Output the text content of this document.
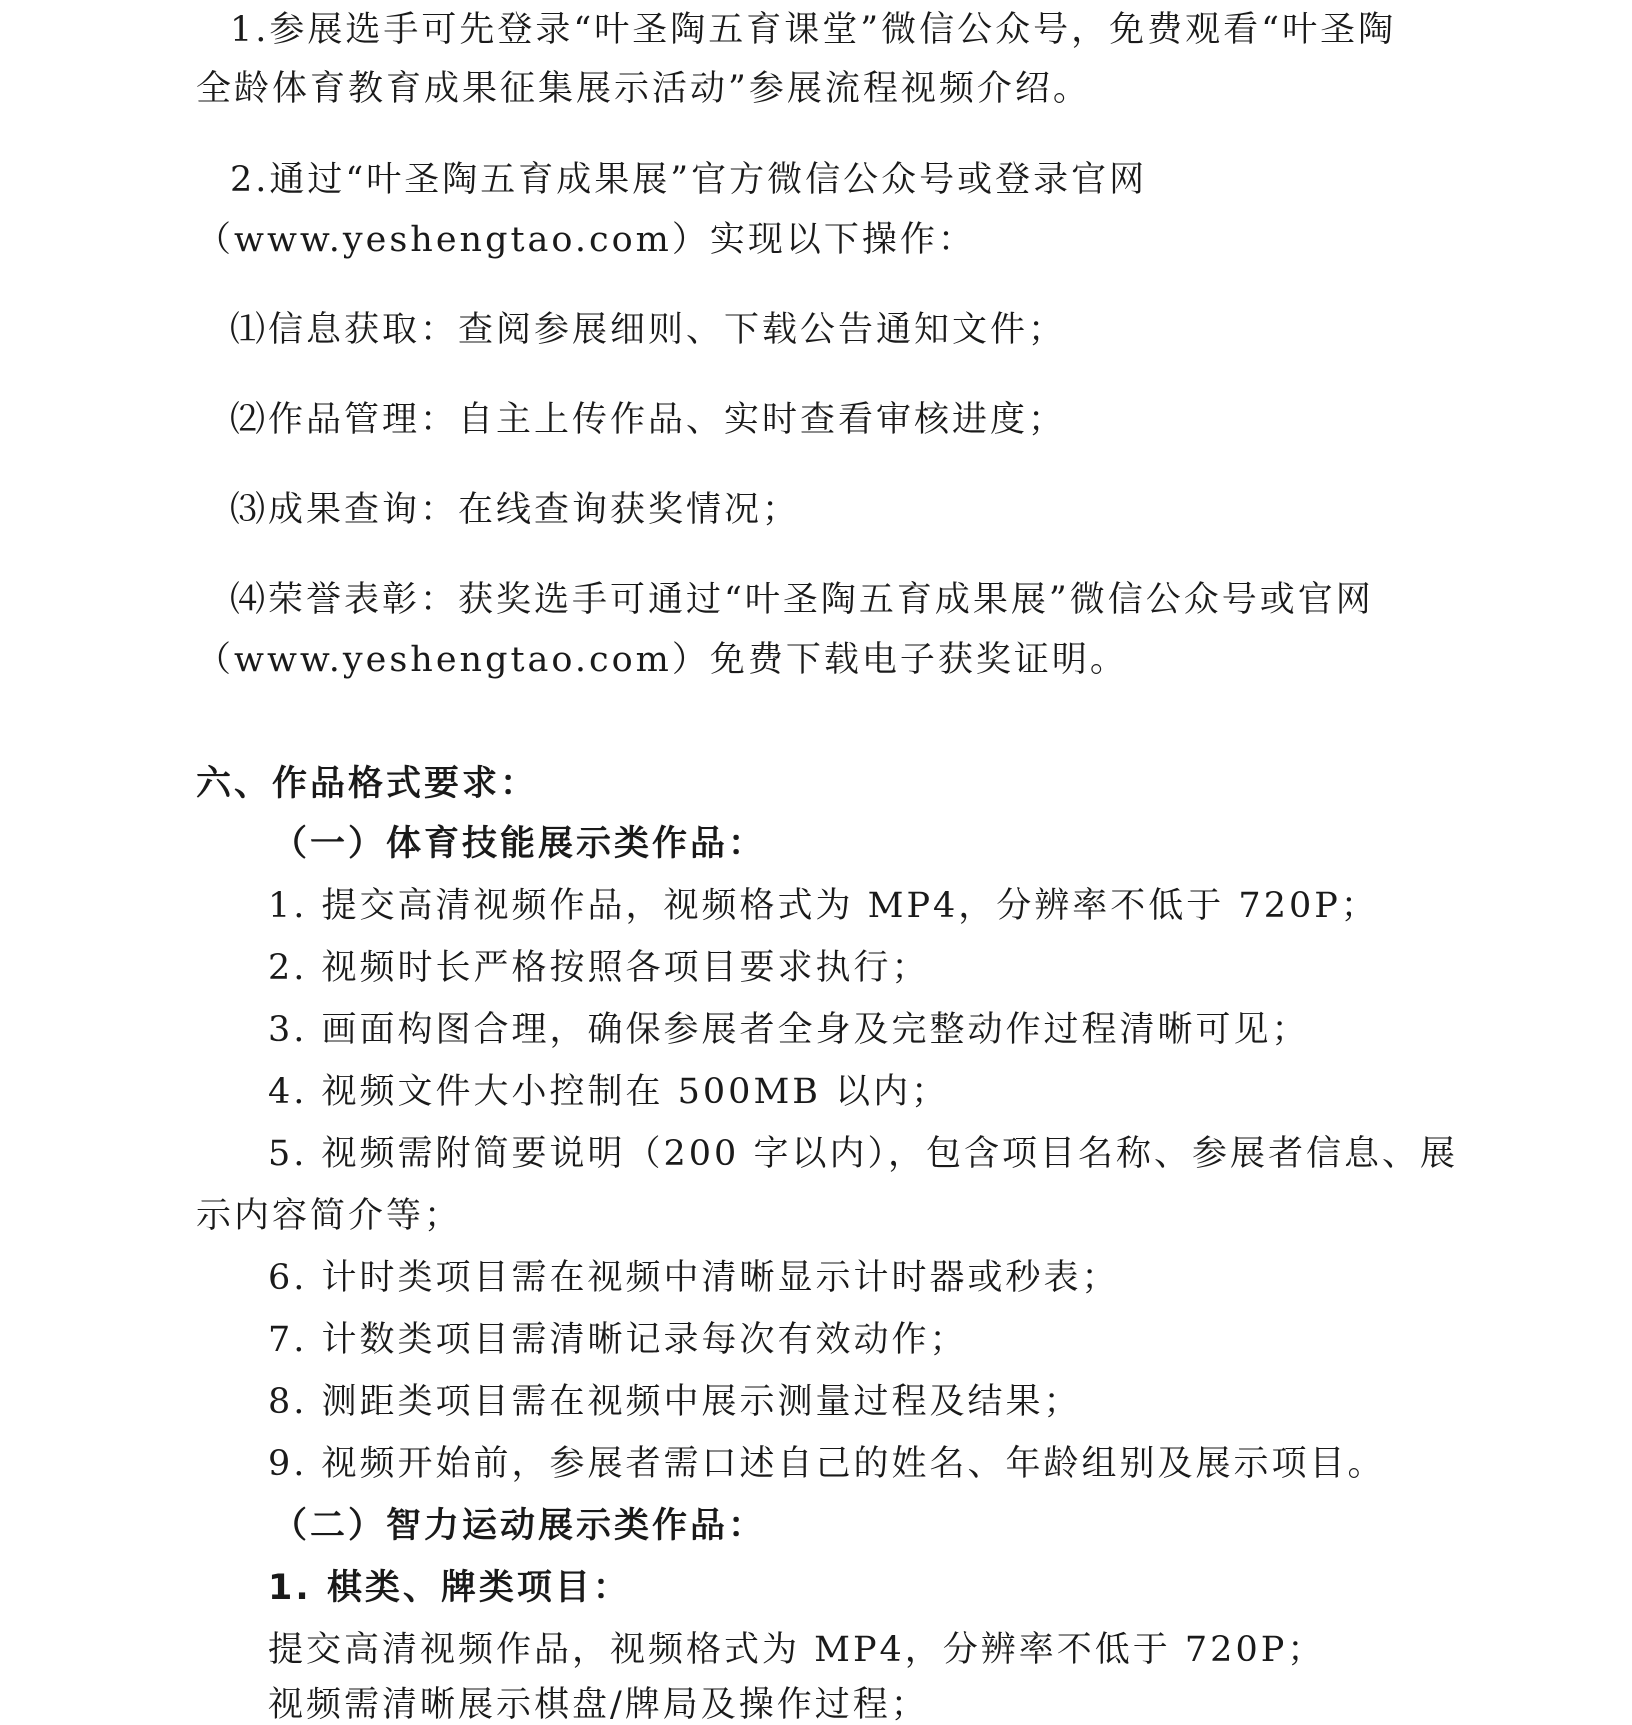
1.参展选手可先登录“叶圣陶五育课堂”微信公众号，免费观看“叶圣陶
全龄体育教育成果征集展示活动”参展流程视频介绍。
2.通过“叶圣陶五育成果展”官方微信公众号或登录官网
（www.yeshengtao.com）实现以下操作：
⑴信息获取：查阅参展细则、下载公告通知文件；
⑵作品管理：自主上传作品、实时查看审核进度；
⑶成果查询：在线查询获奖情况；
⑷荣誉表彰：获奖选手可通过“叶圣陶五育成果展”微信公众号或官网
（www.yeshengtao.com）免费下载电子获奖证明。
六、作品格式要求：
（一）体育技能展示类作品：
1. 提交高清视频作品，视频格式为 MP4，分辨率不低于 720P；
2. 视频时长严格按照各项目要求执行；
3. 画面构图合理，确保参展者全身及完整动作过程清晰可见；
4. 视频文件大小控制在 500MB 以内；
5. 视频需附简要说明（200 字以内），包含项目名称、参展者信息、展
示内容简介等；
6. 计时类项目需在视频中清晰显示计时器或秒表；
7. 计数类项目需清晰记录每次有效动作；
8. 测距类项目需在视频中展示测量过程及结果；
9. 视频开始前，参展者需口述自己的姓名、年龄组别及展示项目。
（二）智力运动展示类作品：
1. 棋类、牌类项目：
提交高清视频作品，视频格式为 MP4，分辨率不低于 720P；
视频需清晰展示棋盘/牌局及操作过程；
